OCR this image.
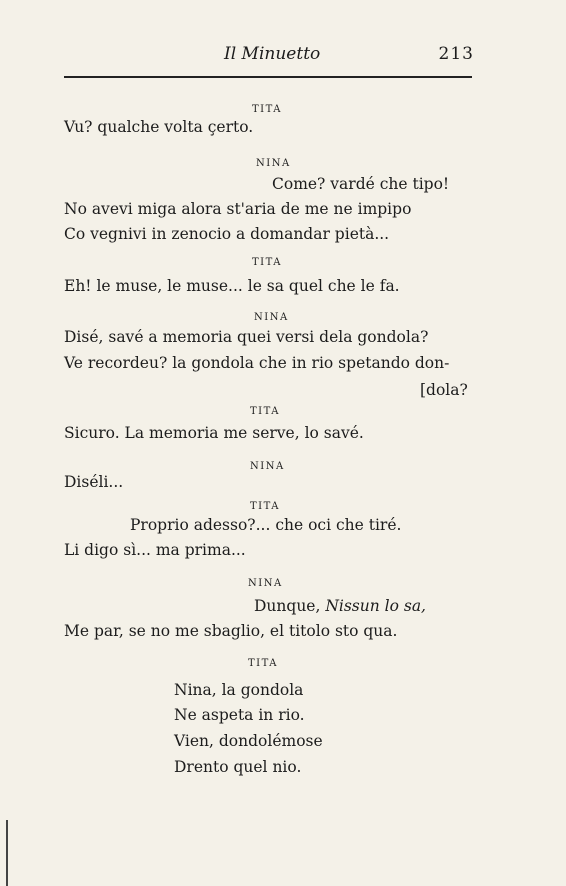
Il Minuetto	213
TITA
Vu? qualche volta çerto.
NINA
Come? vardé che tipo!
No avevi miga alora st'aria de me ne impipo
Co vegnivi in zenocio a domandar pietà...
TITA
Eh! le muse, le muse... le sa quel che le fa.
NINA
Disé, savé a memoria quei versi dela gondola?
Ve recordeu? la gondola che in rio spetando don-
[dola?
TITA
Sicuro. La memoria me serve, lo savé.
NINA
Diséli...
TITA
Proprio adesso?... che oci che tiré.
Li digo sì... ma prima...
NINA
Dunque, Nissun lo sa,
Me par, se no me sbaglio, el titolo sto qua.
TITA
Nina, la gondola
Ne aspeta in rio.
Vien, dondolémose
Drento quel nio.
